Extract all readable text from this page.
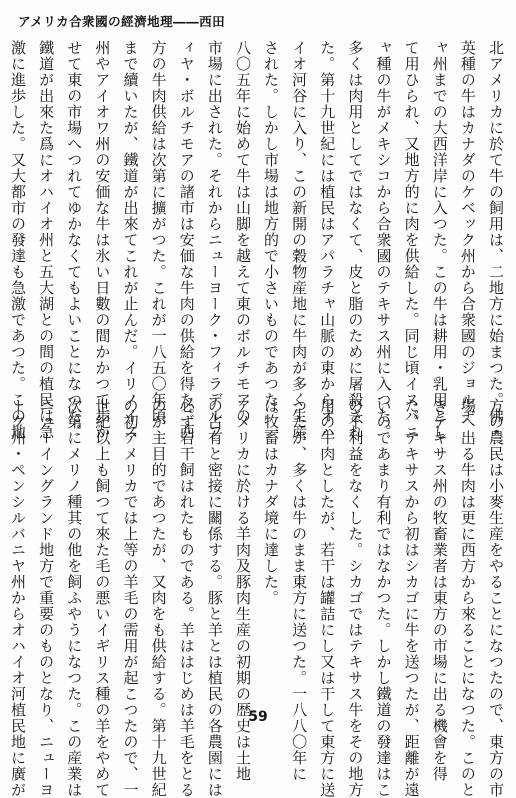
アメリカ合衆國の經濟地理――西田
北アメリカに於て牛の飼用は、二地方に始まつた。佛・
英種の牛はカナダのケベック州から合衆國のジョルヂ
ャ州までの大西洋岸に入つた。この牛は耕用・乳用とし
て用ひられ、又地方的に肉を供給した。同じ頃イスパニ
ャ種の牛がメキシコから合衆國のテキサス州に入つた。
多くは肉用としてではなくて、皮と脂のために屠殺され
た。第十九世紀には植民はアパラチャ山脈の東からオハ
イオ河谷に入り、この新開の穀物産地に牛肉が多く生産
された。しかし市場は地方的で小さいものであつた。一
八〇五年に始めて牛は山脚を越えて東のボルチモアの
市場に出された。それからニューヨーク・フィラデルフ
ィヤ・ボルチモアの諸市は安価な牛肉の供給を得た。西
方の牛肉供給は次第に擴がつた。これが一八五〇年頃
まで續いたが、鐵道が出來てこれが止んだ。イリノイス
州やアイオワ州の安価な牛は氷い日數の間かかつて歩か
せて東の市場へつれてゆかなくてもよいことになつた。
鐵道が出來た爲にオハイオ州と五大湖との間の植民は急
激に進歩した。又大都市の發達も急激であつた。この地
方の農民は小麥生産をやることになつたので、東方の市
場へ出る牛肉は更に西方から來ることになつた。このと
きテキサス州の牧畜業者は東方の市場に出る機會を得
た。テキサスから初はシカゴに牛を送つたが、距離が遠
いのであまり有利ではなかつた。しかし鐵道の發達はこ
の不利益をなくした。シカゴではテキサス牛をその地方
用の牛肉としたが、若干は罐詰にし又は干して東方に送
つたが、多くは牛のまま東方に送つた。一八八〇年に
は牧畜はカナダ境に達した。
アメリカに於ける羊肉及豚肉生産の初期の歴史は土地
の占有と密接に關係する。豚と羊とは植民の各農園には
必ず若干飼はれたものである。羊ははじめは羊毛をとる
のが主目的であつたが、又肉をも供給する。第十九世紀
の初アメリカでは上等の羊毛の需用が起こつたので、一
世紀以上も飼つて來た毛の悪いイギリス種の羊をやめて
次第にメリノ種其の他を飼ふやうになつた。この産業は
ニューイングランド地方で重要のものとなり、ニューヨ
ーク州・ペンシルバニヤ州からオハイオ河植民地に廣が	59
